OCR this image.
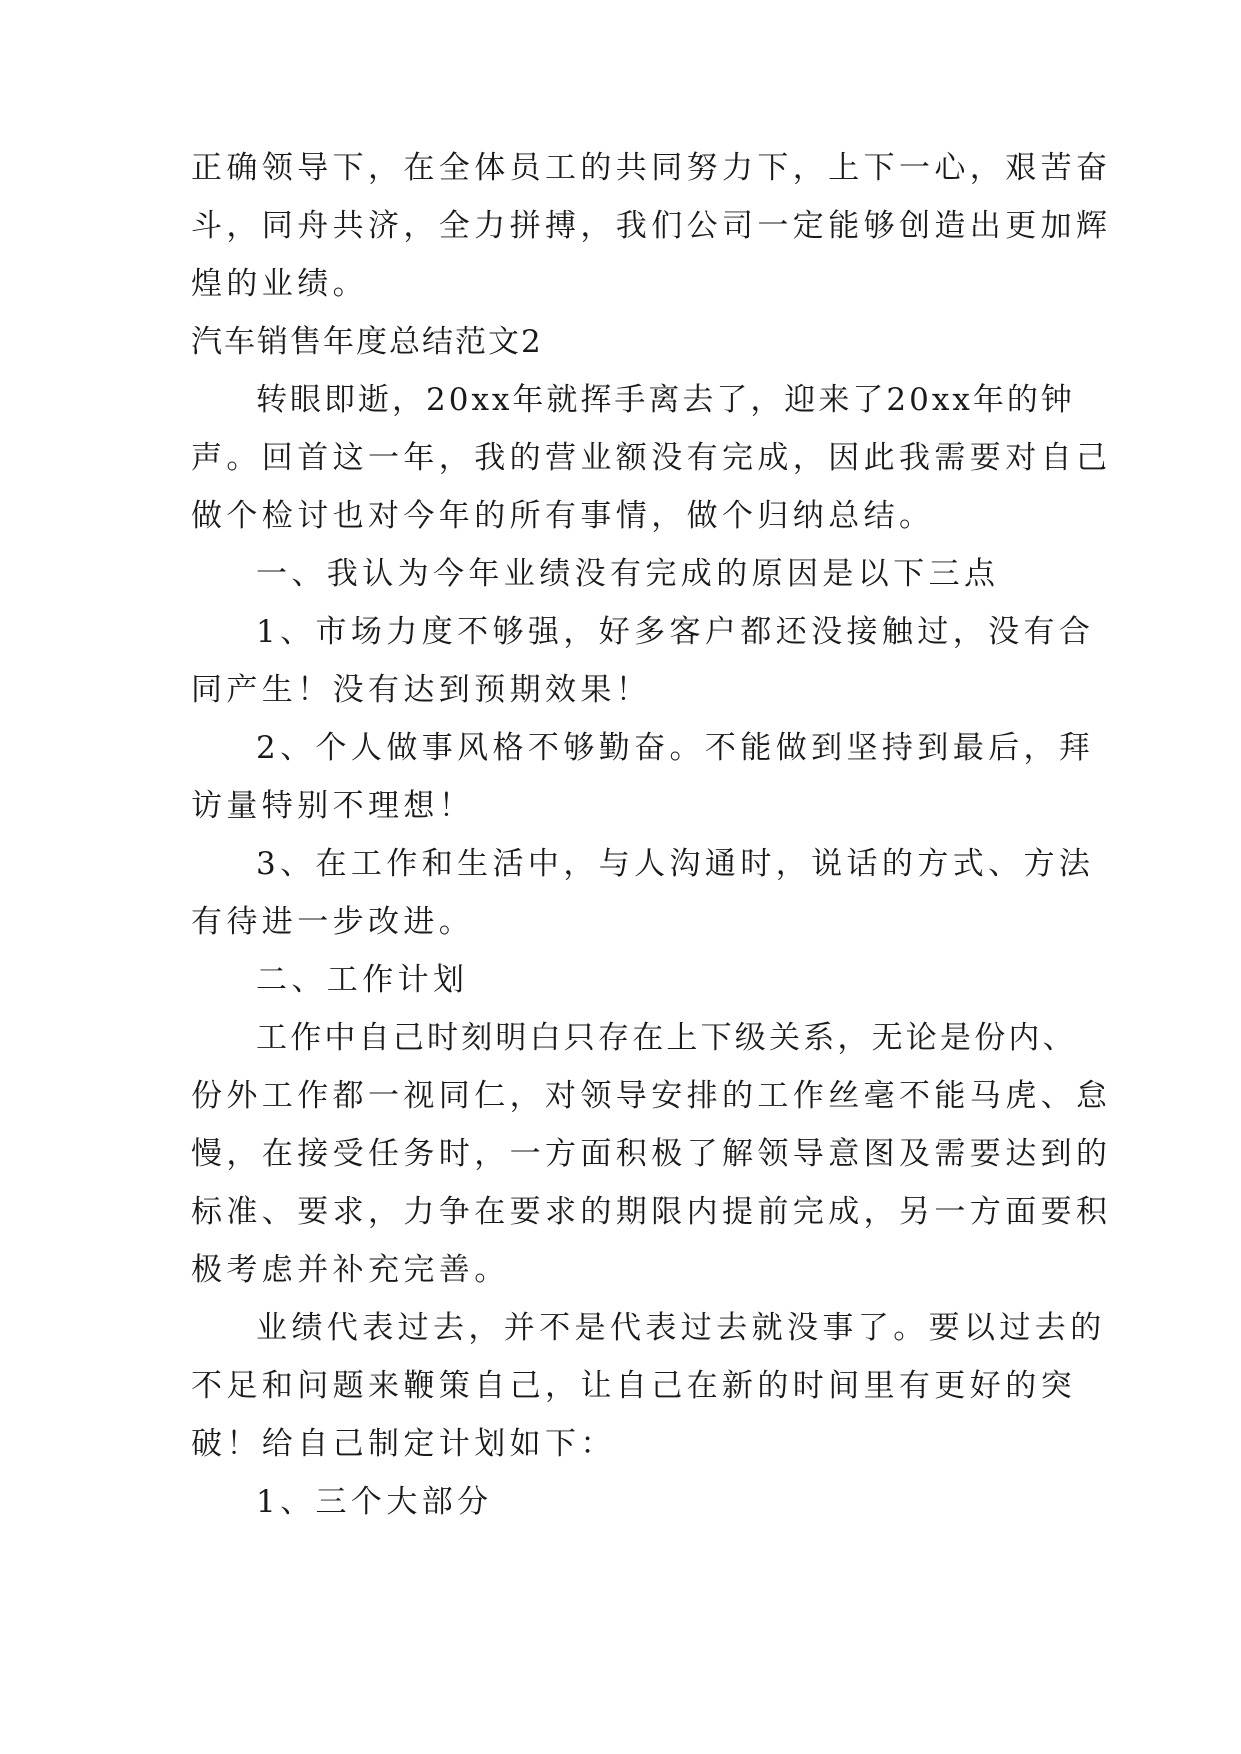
正确领导下，在全体员工的共同努力下，上下一心，艰苦奋
斗，同舟共济，全力拼搏，我们公司一定能够创造出更加辉
煌的业绩。
汽车销售年度总结范文2
转眼即逝，20xx年就挥手离去了，迎来了20xx年的钟
声。回首这一年，我的营业额没有完成，因此我需要对自己
做个检讨也对今年的所有事情，做个归纳总结。
一、我认为今年业绩没有完成的原因是以下三点
1、市场力度不够强，好多客户都还没接触过，没有合
同产生！没有达到预期效果！
2、个人做事风格不够勤奋。不能做到坚持到最后，拜
访量特别不理想！
3、在工作和生活中，与人沟通时，说话的方式、方法
有待进一步改进。
二、工作计划
工作中自己时刻明白只存在上下级关系，无论是份内、
份外工作都一视同仁，对领导安排的工作丝毫不能马虎、怠
慢，在接受任务时，一方面积极了解领导意图及需要达到的
标准、要求，力争在要求的期限内提前完成，另一方面要积
极考虑并补充完善。
业绩代表过去，并不是代表过去就没事了。要以过去的
不足和问题来鞭策自己，让自己在新的时间里有更好的突
破！给自己制定计划如下：
1、三个大部分
